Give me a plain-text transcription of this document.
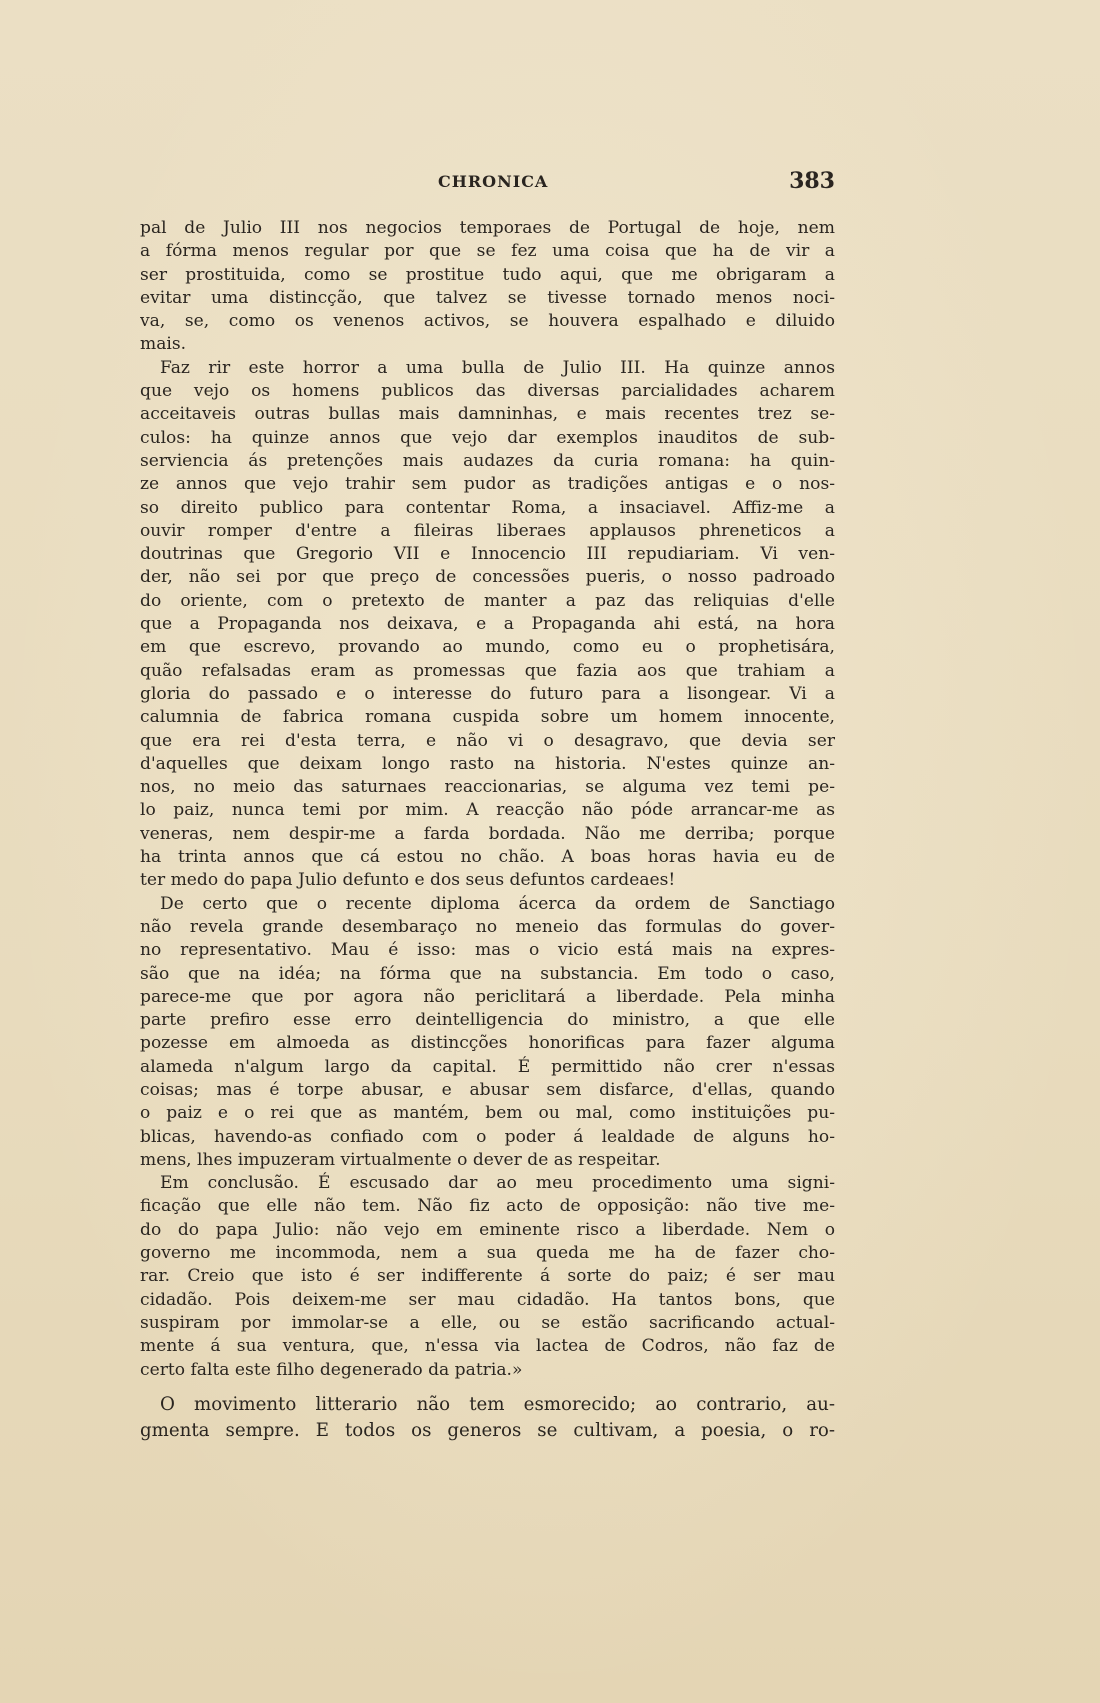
CHRONICA	383

pal de Julio III nos negocios temporaes de Portugal de hoje, nem
a fórma menos regular por que se fez uma coisa que ha de vir a
ser prostituida, como se prostitue tudo aqui, que me obrigaram a
evitar uma distincção, que talvez se tivesse tornado menos noci-
va, se, como os venenos activos, se houvera espalhado e diluido
mais.

Faz rir este horror a uma bulla de Julio III. Ha quinze annos
que vejo os homens publicos das diversas parcialidades acharem
acceitaveis outras bullas mais damninhas, e mais recentes trez se-
culos: ha quinze annos que vejo dar exemplos inauditos de sub-
serviencia ás pretenções mais audazes da curia romana: ha quin-
ze annos que vejo trahir sem pudor as tradições antigas e o nos-
so direito publico para contentar Roma, a insaciavel. Affiz-me a
ouvir romper d'entre a fileiras liberaes applausos phreneticos a
doutrinas que Gregorio VII e Innocencio III repudiariam. Vi ven-
der, não sei por que preço de concessões pueris, o nosso padroado
do oriente, com o pretexto de manter a paz das reliquias d'elle
que a Propaganda nos deixava, e a Propaganda ahi está, na hora
em que escrevo, provando ao mundo, como eu o prophetisára,
quão refalsadas eram as promessas que fazia aos que trahiam a
gloria do passado e o interesse do futuro para a lisongear. Vi a
calumnia de fabrica romana cuspida sobre um homem innocente,
que era rei d'esta terra, e não vi o desagravo, que devia ser
d'aquelles que deixam longo rasto na historia. N'estes quinze an-
nos, no meio das saturnaes reaccionarias, se alguma vez temi pe-
lo paiz, nunca temi por mim. A reacção não póde arrancar-me as
veneras, nem despir-me a farda bordada. Não me derriba; porque
ha trinta annos que cá estou no chão. A boas horas havia eu de
ter medo do papa Julio defunto e dos seus defuntos cardeaes!

De certo que o recente diploma ácerca da ordem de Sanctiago
não revela grande desembaraço no meneio das formulas do gover-
no representativo. Mau é isso: mas o vicio está mais na expres-
são que na idéa; na fórma que na substancia. Em todo o caso,
parece-me que por agora não periclitará a liberdade. Pela minha
parte prefiro esse erro deintelligencia do ministro, a que elle
pozesse em almoeda as distincções honorificas para fazer alguma
alameda n'algum largo da capital. É permittido não crer n'essas
coisas; mas é torpe abusar, e abusar sem disfarce, d'ellas, quando
o paiz e o rei que as mantém, bem ou mal, como instituições pu-
blicas, havendo-as confiado com o poder á lealdade de alguns ho-
mens, lhes impuzeram virtualmente o dever de as respeitar.

Em conclusão. É escusado dar ao meu procedimento uma signi-
ficação que elle não tem. Não fiz acto de opposição: não tive me-
do do papa Julio: não vejo em eminente risco a liberdade. Nem o
governo me incommoda, nem a sua queda me ha de fazer cho-
rar. Creio que isto é ser indifferente á sorte do paiz; é ser mau
cidadão. Pois deixem-me ser mau cidadão. Ha tantos bons, que
suspiram por immolar-se a elle, ou se estão sacrificando actual-
mente á sua ventura, que, n'essa via lactea de Codros, não faz de
certo falta este filho degenerado da patria.»

O movimento litterario não tem esmorecido; ao contrario, au-
gmenta sempre. E todos os generos se cultivam, a poesia, o ro-
